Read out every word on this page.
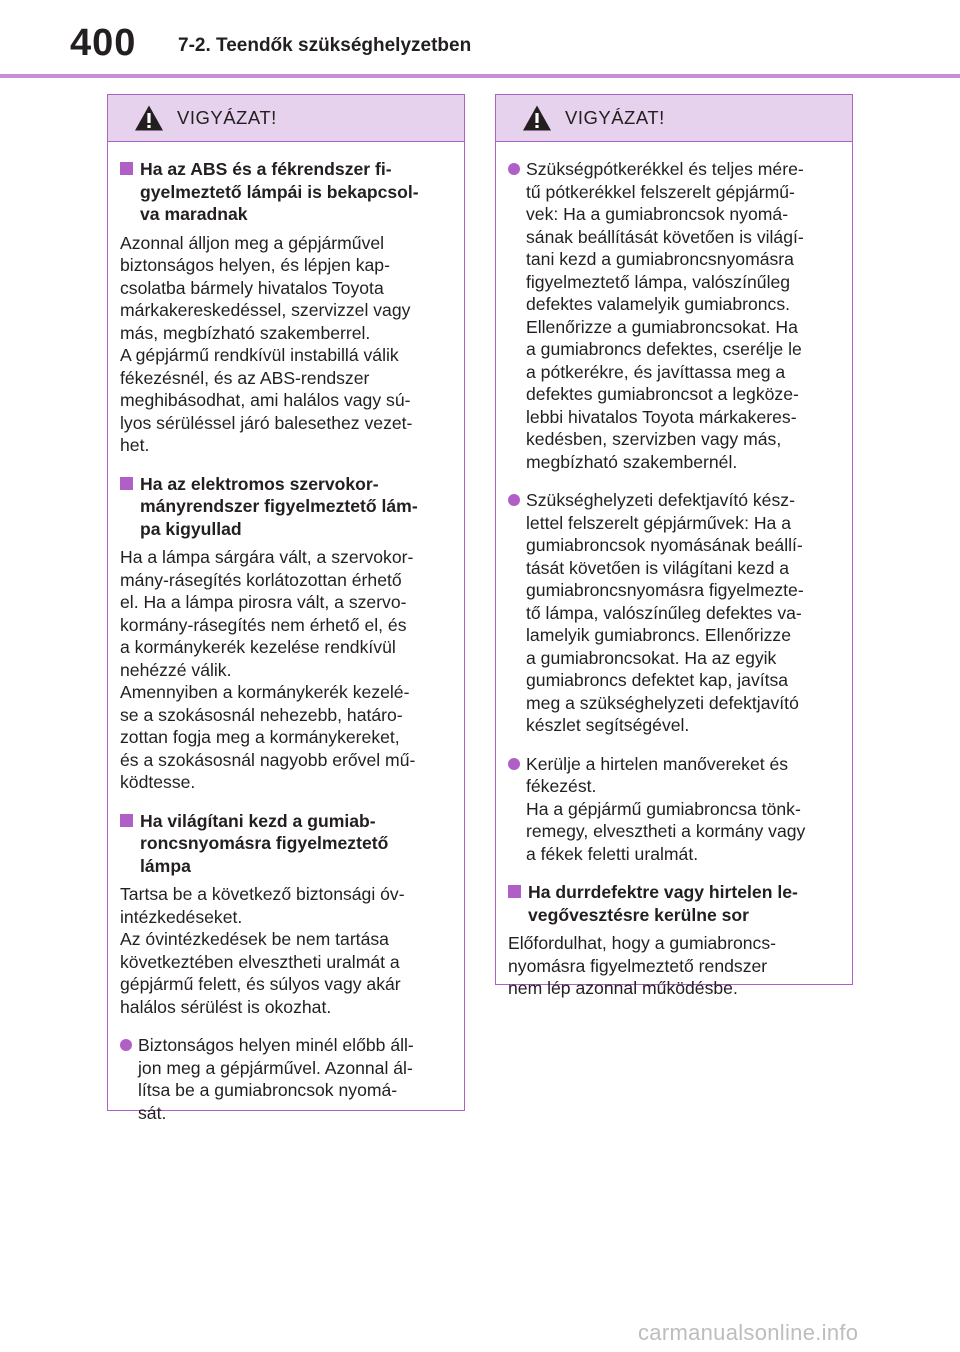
400 7-2. Teendők szükséghelyzetben
VIGYÁZAT!
Ha az ABS és a fékrendszer fi-
gyelmeztető lámpái is bekapcsol-
va maradnak
Azonnal álljon meg a gépjárművel
biztonságos helyen, és lépjen kap-
csolatba bármely hivatalos Toyota
márkakereskedéssel, szervizzel vagy
más, megbízható szakemberrel.
A gépjármű rendkívül instabillá válik
fékezésnél, és az ABS-rendszer
meghibásodhat, ami halálos vagy sú-
lyos sérüléssel járó balesethez vezet-
het.
Ha az elektromos szervokor-
mányrendszer figyelmeztető lám-
pa kigyullad
Ha a lámpa sárgára vált, a szervokor-
mány-rásegítés korlátozottan érhető
el. Ha a lámpa pirosra vált, a szervo-
kormány-rásegítés nem érhető el, és
a kormánykerék kezelése rendkívül
nehézzé válik.
Amennyiben a kormánykerék kezelé-
se a szokásosnál nehezebb, határo-
zottan fogja meg a kormánykereket,
és a szokásosnál nagyobb erővel mű-
ködtesse.
Ha világítani kezd a gumiab-
roncsnyomásra figyelmeztető
lámpa
Tartsa be a következő biztonsági óv-
intézkedéseket.
Az óvintézkedések be nem tartása
következtében elvesztheti uralmát a
gépjármű felett, és súlyos vagy akár
halálos sérülést is okozhat.
Biztonságos helyen minél előbb áll-
jon meg a gépjárművel. Azonnal ál-
lítsa be a gumiabroncsok nyomá-
sát.
VIGYÁZAT!
Szükségpótkerékkel és teljes mére-
tű pótkerékkel felszerelt gépjármű-
vek: Ha a gumiabroncsok nyomá-
sának beállítását követően is világí-
tani kezd a gumiabroncsnyomásra
figyelmeztető lámpa, valószínűleg
defektes valamelyik gumiabroncs.
Ellenőrizze a gumiabroncsokat. Ha
a gumiabroncs defektes, cserélje le
a pótkerékre, és javíttassa meg a
defektes gumiabroncsot a legköze-
lebbi hivatalos Toyota márkakeres-
kedésben, szervizben vagy más,
megbízható szakembernél.
Szükséghelyzeti defektjavító kész-
lettel felszerelt gépjárművek: Ha a
gumiabroncsok nyomásának beállí-
tását követően is világítani kezd a
gumiabroncsnyomásra figyelmezte-
tő lámpa, valószínűleg defektes va-
lamelyik gumiabroncs. Ellenőrizze
a gumiabroncsokat. Ha az egyik
gumiabroncs defektet kap, javítsa
meg a szükséghelyzeti defektjavító
készlet segítségével.
Kerülje a hirtelen manővereket és
fékezést.
Ha a gépjármű gumiabroncsa tönk-
remegy, elvesztheti a kormány vagy
a fékek feletti uralmát.
Ha durrdefektre vagy hirtelen le-
vegővesztésre kerülne sor
Előfordulhat, hogy a gumiabroncs-
nyomásra figyelmeztető rendszer
nem lép azonnal működésbe.
carmanualsonline.info
